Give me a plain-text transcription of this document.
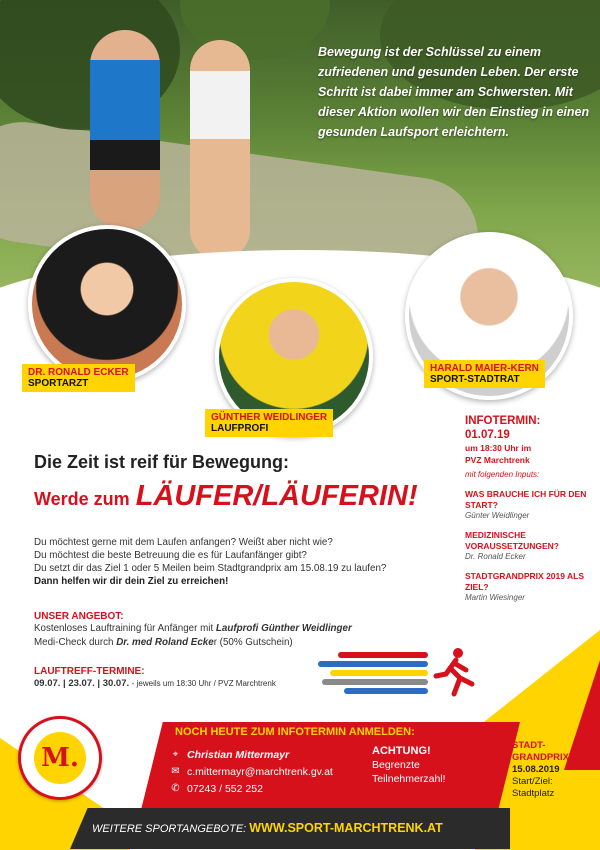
Bewegung ist der Schlüssel zu einem zufriedenen und gesunden Leben. Der erste Schritt ist dabei immer am Schwersten. Mit dieser Aktion wollen wir den Einstieg in einen gesunden Laufsport erleichtern.
DR. RONALD ECKER
SPORTARZT
GÜNTHER WEIDLINGER
LAUFPROFI
HARALD MAIER-KERN
SPORT-STADTRAT
Die Zeit ist reif für Bewegung:
Werde zum LÄUFER/LÄUFERIN!
Du möchtest gerne mit dem Laufen anfangen? Weißt aber nicht wie?
Du möchtest die beste Betreuung die es für Laufanfänger gibt?
Du setzt dir das Ziel 1 oder 5 Meilen beim Stadtgrandprix am 15.08.19 zu laufen?
Dann helfen wir dir dein Ziel zu erreichen!
UNSER ANGEBOT:
Kostenloses Lauftraining für Anfänger mit Laufprofi Günther Weidlinger
Medi-Check durch Dr. med Roland Ecker (50% Gutschein)
LAUFTREFF-TERMINE:
09.07. | 23.07. | 30.07. - jeweils um 18:30 Uhr / PVZ Marchtrenk
INFOTERMIN:
01.07.19
um 18:30 Uhr im
PVZ Marchtrenk
mit folgenden Inputs:
WAS BRAUCHE ICH FÜR DEN START?
Günter Weidlinger
MEDIZINISCHE VORAUSSETZUNGEN?
Dr. Ronald Ecker
STADTGRANDPRIX 2019 ALS ZIEL?
Martin Wiesinger
M.
NOCH HEUTE ZUM INFOTERMIN ANMELDEN:
⌖ Christian Mittermayr
✉ c.mittermayr@marchtrenk.gv.at
✆ 07243 / 552 252
ACHTUNG!
Begrenzte
Teilnehmerzahl!
WEITERE SPORTANGEBOTE: WWW.SPORT-MARCHTRENK.AT
STADT-
GRANDPRIX
15.08.2019
Start/Ziel:
Stadtplatz
